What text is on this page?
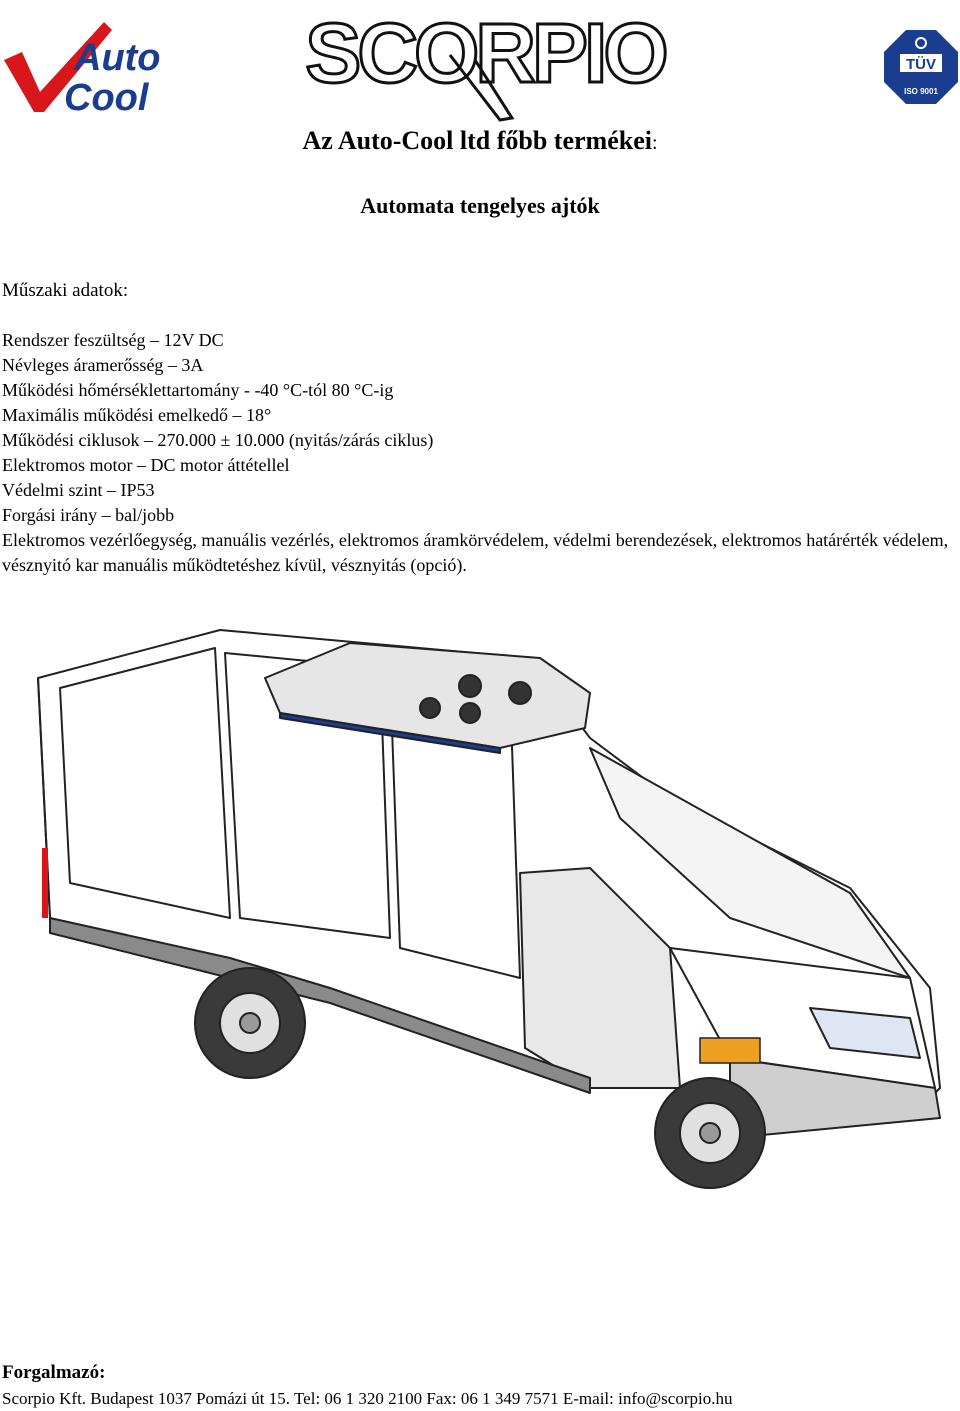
Auto
Cool SCORPIO	TÜV
ISO 9001
Az Auto-Cool ltd főbb termékei:
Automata tengelyes ajtók
Műszaki adatok:
Rendszer feszültség – 12V DC
Névleges áramerősség – 3A
Működési hőmérséklettartomány - -40 °C-tól 80 °C-ig
Maximális működési emelkedő – 18°
Működési ciklusok – 270.000 ± 10.000 (nyitás/zárás ciklus)
Elektromos motor – DC motor áttétellel
Védelmi szint – IP53
Forgási irány – bal/jobb
Elektromos vezérlőegység, manuális vezérlés, elektromos áramkörvédelem, védelmi berendezések, elektromos határérték védelem, vésznyitó kar manuális működtetéshez kívül, vésznyitás (opció).
Forgalmazó:
Scorpio Kft. Budapest 1037 Pomázi út 15. Tel: 06 1 320 2100 Fax: 06 1 349 7571 E-mail: info@scorpio.hu
